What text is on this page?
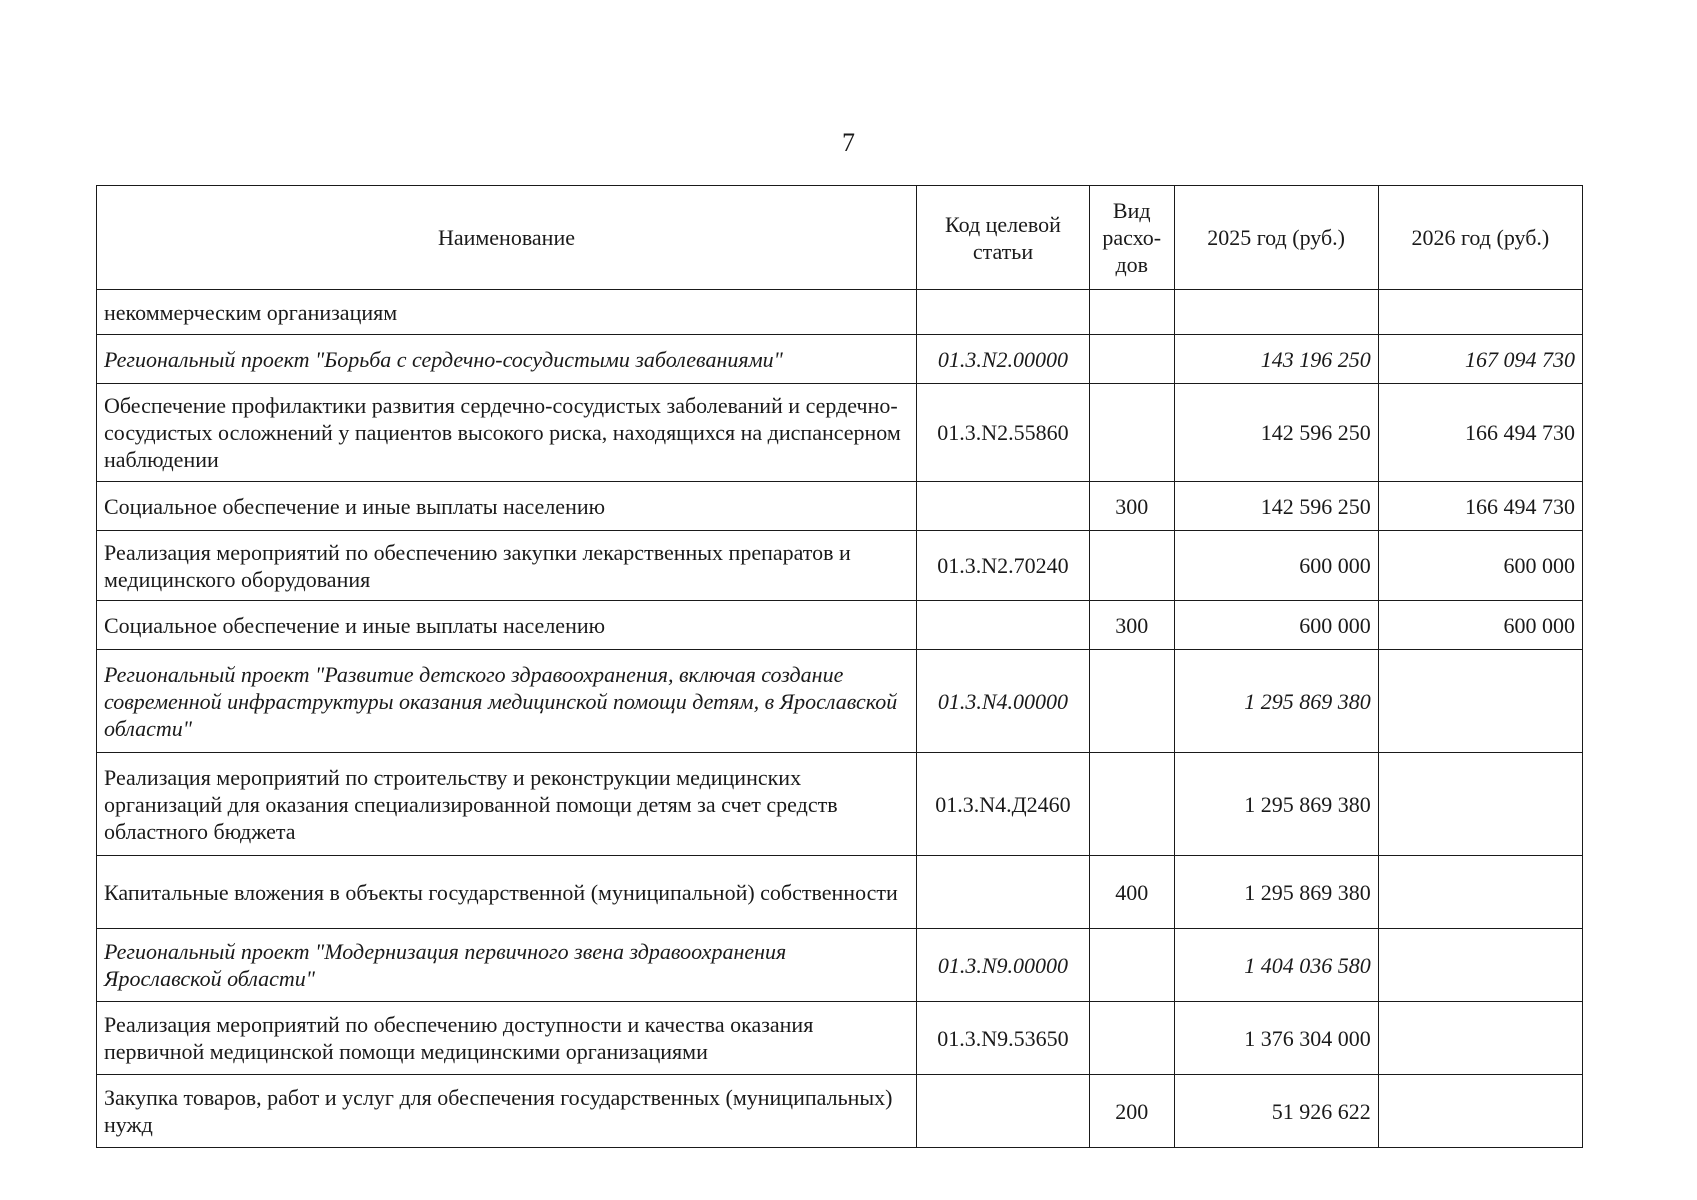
7
Наименование	Код целевой статьи	Вид расхо-дов	2025 год (руб.)	2026 год (руб.)
некоммерческим организациям				
Региональный проект "Борьба с сердечно-сосудистыми заболеваниями"	01.3.N2.00000		143 196 250	167 094 730
Обеспечение профилактики развития сердечно-сосудистых заболеваний и сердечно-сосудистых осложнений у пациентов высокого риска, находящихся на диспансерном наблюдении	01.3.N2.55860		142 596 250	166 494 730
Социальное обеспечение и иные выплаты населению		300	142 596 250	166 494 730
Реализация мероприятий по обеспечению закупки лекарственных препаратов и медицинского оборудования	01.3.N2.70240		600 000	600 000
Социальное обеспечение и иные выплаты населению		300	600 000	600 000
Региональный проект "Развитие детского здравоохранения, включая создание современной инфраструктуры оказания медицинской помощи детям, в Ярославской области"	01.3.N4.00000		1 295 869 380	
Реализация мероприятий по строительству и реконструкции медицинских организаций для оказания специализированной помощи детям за счет средств областного бюджета	01.3.N4.Д2460		1 295 869 380	
Капитальные вложения в объекты государственной (муниципальной) собственности		400	1 295 869 380	
Региональный проект "Модернизация первичного звена здравоохранения Ярославской области"	01.3.N9.00000		1 404 036 580	
Реализация мероприятий по обеспечению доступности и качества оказания первичной медицинской помощи медицинскими организациями	01.3.N9.53650		1 376 304 000	
Закупка товаров, работ и услуг для обеспечения государственных (муниципальных) нужд		200	51 926 622	
